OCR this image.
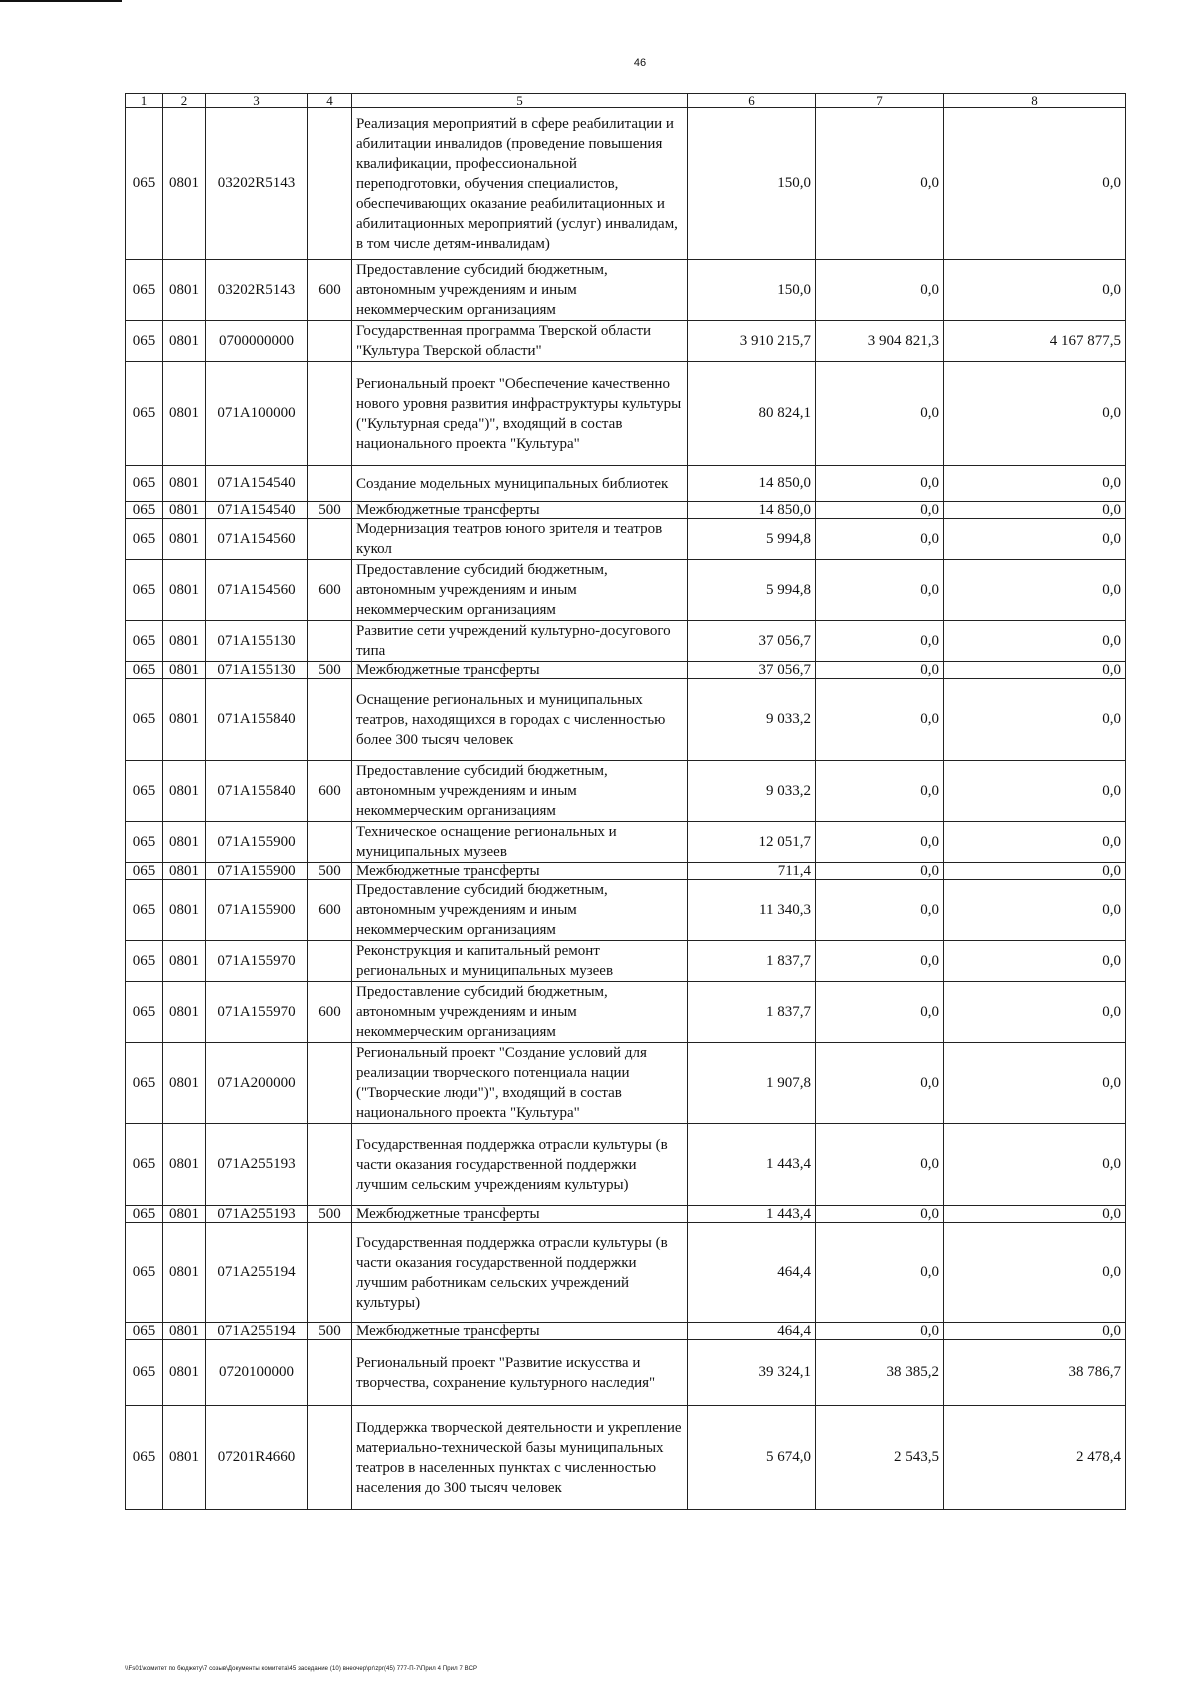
46
1	2	3	4	5	6	7	8
065	0801	03202R5143		Реализация мероприятий в сфере реабилитации и абилитации инвалидов (проведение повышения квалификации, профессиональной переподготовки, обучения специалистов, обеспечивающих оказание реабилитационных и абилитационных мероприятий (услуг) инвалидам, в том числе детям-инвалидам)	150,0	0,0	0,0
065	0801	03202R5143	600	Предоставление субсидий бюджетным, автономным учреждениям и иным некоммерческим организациям	150,0	0,0	0,0
065	0801	0700000000		Государственная программа Тверской области "Культура Тверской области"	3 910 215,7	3 904 821,3	4 167 877,5
065	0801	071A100000		Региональный проект "Обеспечение качественно нового уровня развития инфраструктуры культуры ("Культурная среда")", входящий в состав национального проекта "Культура"	80 824,1	0,0	0,0
065	0801	071A154540		Создание модельных муниципальных библиотек	14 850,0	0,0	0,0
065	0801	071A154540	500	Межбюджетные трансферты	14 850,0	0,0	0,0
065	0801	071A154560		Модернизация театров юного зрителя и театров кукол	5 994,8	0,0	0,0
065	0801	071A154560	600	Предоставление субсидий бюджетным, автономным учреждениям и иным некоммерческим организациям	5 994,8	0,0	0,0
065	0801	071A155130		Развитие сети учреждений культурно-досугового типа	37 056,7	0,0	0,0
065	0801	071A155130	500	Межбюджетные трансферты	37 056,7	0,0	0,0
065	0801	071A155840		Оснащение региональных и муниципальных театров, находящихся в городах с численностью более 300 тысяч человек	9 033,2	0,0	0,0
065	0801	071A155840	600	Предоставление субсидий бюджетным, автономным учреждениям и иным некоммерческим организациям	9 033,2	0,0	0,0
065	0801	071A155900		Техническое оснащение региональных и муниципальных музеев	12 051,7	0,0	0,0
065	0801	071A155900	500	Межбюджетные трансферты	711,4	0,0	0,0
065	0801	071A155900	600	Предоставление субсидий бюджетным, автономным учреждениям и иным некоммерческим организациям	11 340,3	0,0	0,0
065	0801	071A155970		Реконструкция и капитальный ремонт региональных и муниципальных музеев	1 837,7	0,0	0,0
065	0801	071A155970	600	Предоставление субсидий бюджетным, автономным учреждениям и иным некоммерческим организациям	1 837,7	0,0	0,0
065	0801	071A200000		Региональный проект "Создание условий для реализации творческого потенциала нации ("Творческие люди")", входящий в состав национального проекта "Культура"	1 907,8	0,0	0,0
065	0801	071A255193		Государственная поддержка отрасли культуры (в части оказания государственной поддержки лучшим сельским учреждениям культуры)	1 443,4	0,0	0,0
065	0801	071A255193	500	Межбюджетные трансферты	1 443,4	0,0	0,0
065	0801	071A255194		Государственная поддержка отрасли культуры (в части оказания государственной поддержки лучшим работникам сельских учреждений культуры)	464,4	0,0	0,0
065	0801	071A255194	500	Межбюджетные трансферты	464,4	0,0	0,0
065	0801	0720100000		Региональный проект "Развитие искусства и творчества, сохранение культурного наследия"	39 324,1	38 385,2	38 786,7
065	0801	07201R4660		Поддержка творческой деятельности и укрепление материально-технической базы муниципальных театров в населенных пунктах с численностью населения до 300 тысяч человек	5 674,0	2 543,5	2 478,4
\\Fs01\комитет по бюджету\7 созыв\Документы комитета\45 заседание (10) внеочер\pr\zpr(45) 777-П-7\Прил 4 Прил 7 ВСР
